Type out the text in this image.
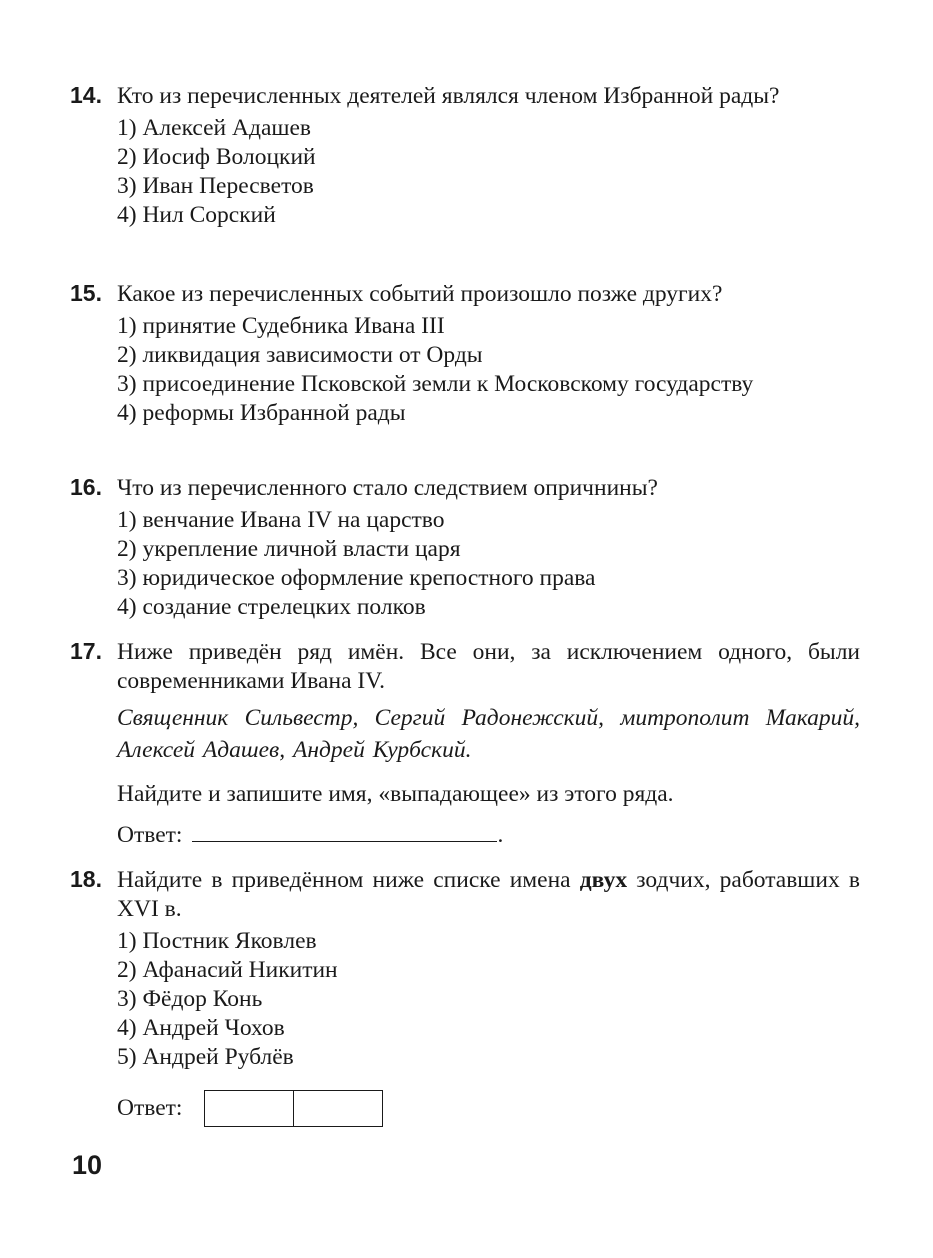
14. Кто из перечисленных деятелей являлся членом Избранной рады?
1) Алексей Адашев
2) Иосиф Волоцкий
3) Иван Пересветов
4) Нил Сорский
15. Какое из перечисленных событий произошло позже других?
1) принятие Судебника Ивана III
2) ликвидация зависимости от Орды
3) присоединение Псковской земли к Московскому государству
4) реформы Избранной рады
16. Что из перечисленного стало следствием опричнины?
1) венчание Ивана IV на царство
2) укрепление личной власти царя
3) юридическое оформление крепостного права
4) создание стрелецких полков
17. Ниже приведён ряд имён. Все они, за исключением одного, были современниками Ивана IV.
Священник Сильвестр, Сергий Радонежский, митрополит Макарий, Алексей Адашев, Андрей Курбский.
Найдите и запишите имя, «выпадающее» из этого ряда.
Ответ:	.
18. Найдите в приведённом ниже списке имена двух зодчих, работавших в XVI в.
1) Постник Яковлев
2) Афанасий Никитин
3) Фёдор Конь
4) Андрей Чохов
5) Андрей Рублёв
Ответ:
10
